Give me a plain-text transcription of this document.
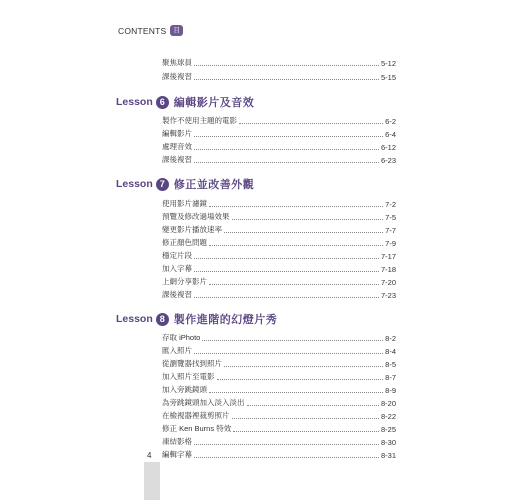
CONTENTS	目錄
聚焦球員	5-12
課後複習	5-15
Lesson 6 編輯影片及音效
製作不使用主題的電影	6-2
編輯影片	6-4
處理音效	6-12
課後複習	6-23
Lesson 7 修正並改善外觀
使用影片濾鏡	7-2
預覽及修改過場效果	7-5
變更影片播放速率	7-7
修正顏色問題	7-9
穩定片段	7-17
加入字幕	7-18
上網分享影片	7-20
課後複習	7-23
Lesson 8 製作進階的幻燈片秀
存取 iPhoto	8-2
匯入照片	8-4
從瀏覽器找到照片	8-5
加入照片至電影	8-7
加入旁跳鏡頭	8-9
為旁跳鏡頭加入淡入淡出	8-20
在檢視器裡裁剪照片	8-22
修正 Ken Burns 特效	8-25
凍結影格	8-30
編輯字幕	8-31
4
